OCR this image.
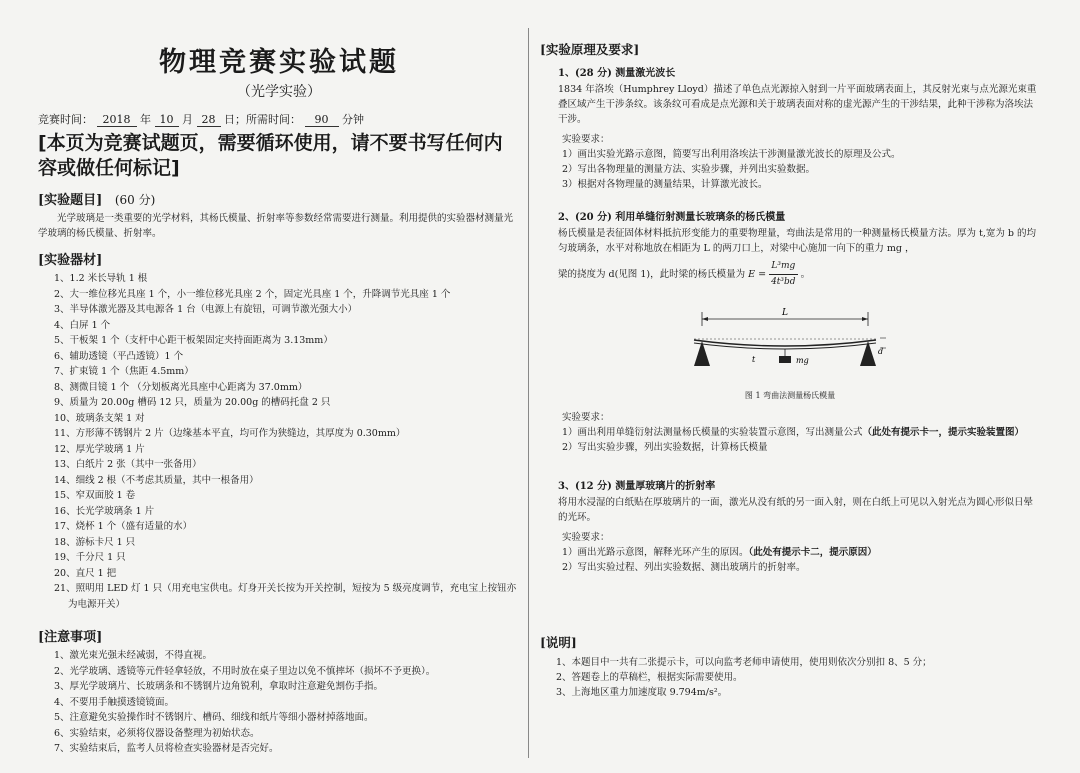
物理竞赛实验试题
（光学实验）
竞赛时间： 2018 年 10 月 28 日；所需时间： 90 分钟
[本页为竞赛试题页，需要循环使用，请不要书写任何内容或做任何标记]
[实验题目] (60 分)
光学玻璃是一类重要的光学材料，其杨氏模量、折射率等参数经常需要进行测量。利用提供的实验器材测量光学玻璃的杨氏模量、折射率。
[实验器材]
1、1.2 米长导轨 1 根
2、大一维位移光具座 1 个，小一维位移光具座 2 个，固定光具座 1 个，升降调节光具座 1 个
3、半导体激光器及其电源各 1 台（电源上有旋钮，可调节激光强大小）
4、白屏 1 个
5、干板架 1 个（支杆中心距干板架固定夹持面距离为 3.13mm）
6、辅助透镜（平凸透镜）1 个
7、扩束镜 1 个（焦距 4.5mm）
8、测微目镜 1 个 （分划板离光具座中心距离为 37.0mm）
9、质量为 20.00g 槽码 12 只，质量为 20.00g 的槽码托盘 2 只
10、玻璃条支架 1 对
11、方形薄不锈钢片 2 片（边缘基本平直，均可作为狭缝边，其厚度为 0.30mm）
12、厚光学玻璃 1 片
13、白纸片 2 张（其中一张备用）
14、细线 2 根（不考虑其质量，其中一根备用）
15、窄双面胶 1 卷
16、长光学玻璃条 1 片
17、烧杯 1 个（盛有适量的水）
18、游标卡尺 1 只
19、千分尺 1 只
20、直尺 1 把
21、照明用 LED 灯 1 只（用充电宝供电。灯身开关长按为开关控制，短按为 5 级亮度调节，充电宝上按钮亦为电源开关）
[注意事项]
1、激光束光强未经减弱，不得直视。
2、光学玻璃、透镜等元件轻拿轻放，不用时放在桌子里边以免不慎摔坏（损坏不予更换）。
3、厚光学玻璃片、长玻璃条和不锈钢片边角锐利，拿取时注意避免割伤手指。
4、不要用手触摸透镜镜面。
5、注意避免实验操作时不锈钢片、槽码、细线和纸片等细小器材掉落地面。
6、实验结束，必须将仪器设备整理为初始状态。
7、实验结束后，监考人员将检查实验器材是否完好。
[实验原理及要求]
1、(28 分) 测量激光波长
1834 年洛埃（Humphrey Lloyd）描述了单色点光源掠入射到一片平面玻璃表面上，其反射光束与点光源光束重叠区域产生干涉条纹。该条纹可看成是点光源和关于玻璃表面对称的虚光源产生的干涉结果，此种干涉称为洛埃法干涉。
实验要求：
1）画出实验光路示意图，简要写出利用洛埃法干涉测量激光波长的原理及公式。
2）写出各物理量的测量方法、实验步骤，并列出实验数据。
3）根据对各物理量的测量结果，计算激光波长。
2、(20 分) 利用单缝衍射测量长玻璃条的杨氏模量
杨氏模量是表征固体材料抵抗形变能力的重要物理量，弯曲法是常用的一种测量杨氏模量方法。厚为 t,宽为 b 的均匀玻璃条，水平对称地放在相距为 L 的两刀口上，对梁中心施加一向下的重力 mg ，
梁的挠度为 d(见图 1)，此时梁的杨氏模量为 $E = \frac{\text{L³mg}}{\text{4t³bd}}$ 。
L
mg
t
d
图 1 弯曲法测量杨氏模量
实验要求：
1）画出利用单缝衍射法测量杨氏模量的实验装置示意图，写出测量公式（此处有提示卡一，提示实验装置图）
2）写出实验步骤，列出实验数据，计算杨氏模量
3、(12 分) 测量厚玻璃片的折射率
将用水浸湿的白纸贴在厚玻璃片的一面，激光从没有纸的另一面入射，则在白纸上可见以入射光点为圆心形似日晕的光环。
实验要求：
1）画出光路示意图，解释光环产生的原因。（此处有提示卡二，提示原因）
2）写出实验过程、列出实验数据、测出玻璃片的折射率。
[说明]
1、本题目中一共有二张提示卡，可以向监考老师申请使用，使用则依次分别扣 8、5 分；
2、答题卷上的草稿栏，根据实际需要使用。
3、上海地区重力加速度取 9.794m/s²。
